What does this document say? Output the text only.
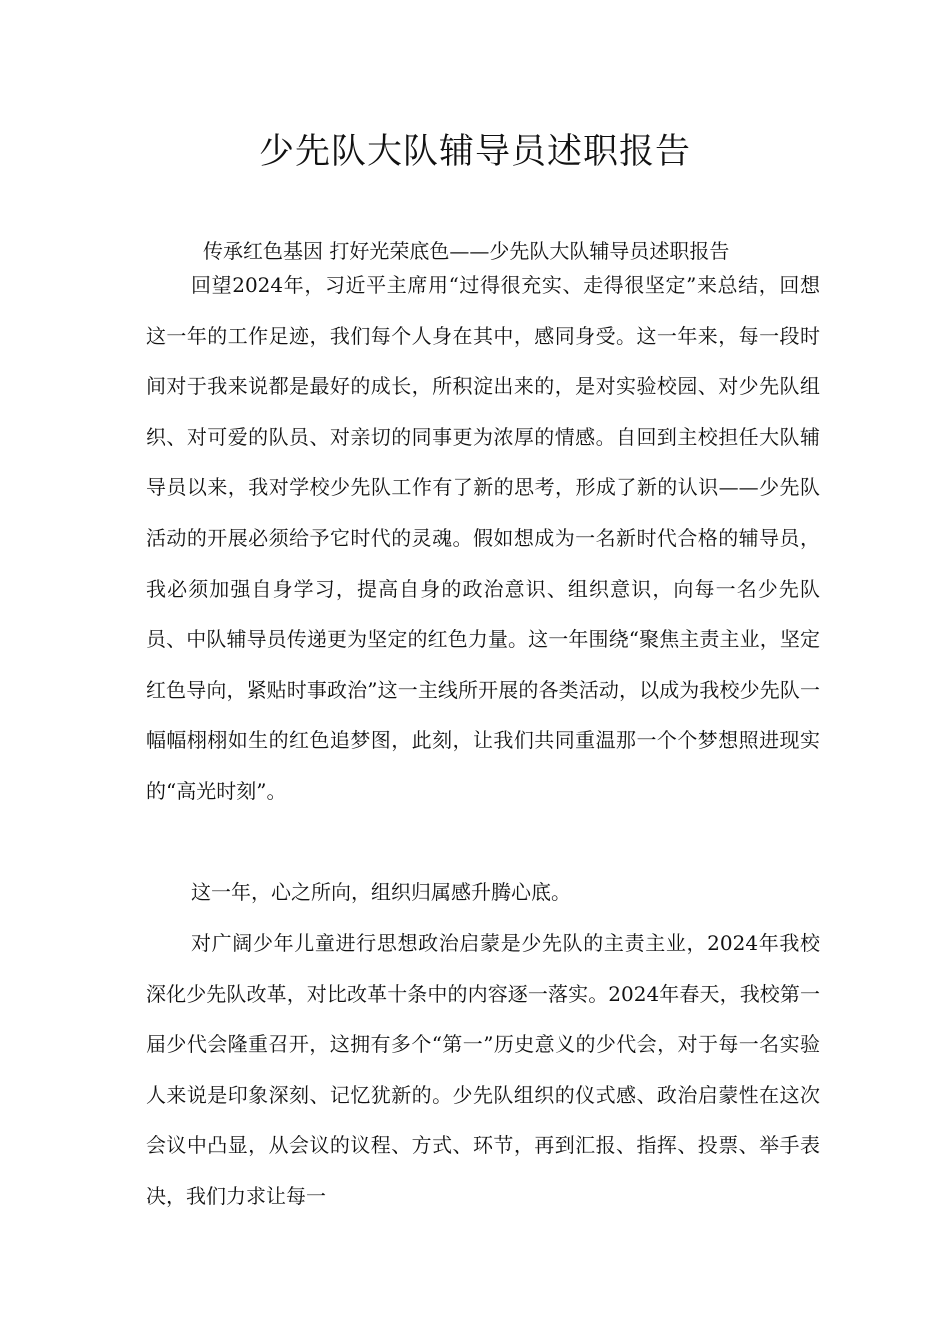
少先队大队辅导员述职报告

传承红色基因 打好光荣底色——少先队大队辅导员述职报告

回望2024年，习近平主席用“过得很充实、走得很坚定”来总结，回想这一年的工作足迹，我们每个人身在其中，感同身受。这一年来，每一段时间对于我来说都是最好的成长，所积淀出来的，是对实验校园、对少先队组织、对可爱的队员、对亲切的同事更为浓厚的情感。自回到主校担任大队辅导员以来，我对学校少先队工作有了新的思考，形成了新的认识——少先队活动的开展必须给予它时代的灵魂。假如想成为一名新时代合格的辅导员，我必须加强自身学习，提高自身的政治意识、组织意识，向每一名少先队员、中队辅导员传递更为坚定的红色力量。这一年围绕“聚焦主责主业，坚定红色导向，紧贴时事政治”这一主线所开展的各类活动，以成为我校少先队一幅幅栩栩如生的红色追梦图，此刻，让我们共同重温那一个个梦想照进现实的“高光时刻”。

这一年，心之所向，组织归属感升腾心底。

对广阔少年儿童进行思想政治启蒙是少先队的主责主业，2024年我校深化少先队改革，对比改革十条中的内容逐一落实。2024年春天，我校第一届少代会隆重召开，这拥有多个“第一”历史意义的少代会，对于每一名实验人来说是印象深刻、记忆犹新的。少先队组织的仪式感、政治启蒙性在这次会议中凸显，从会议的议程、方式、环节，再到汇报、指挥、投票、举手表决，我们力求让每一
